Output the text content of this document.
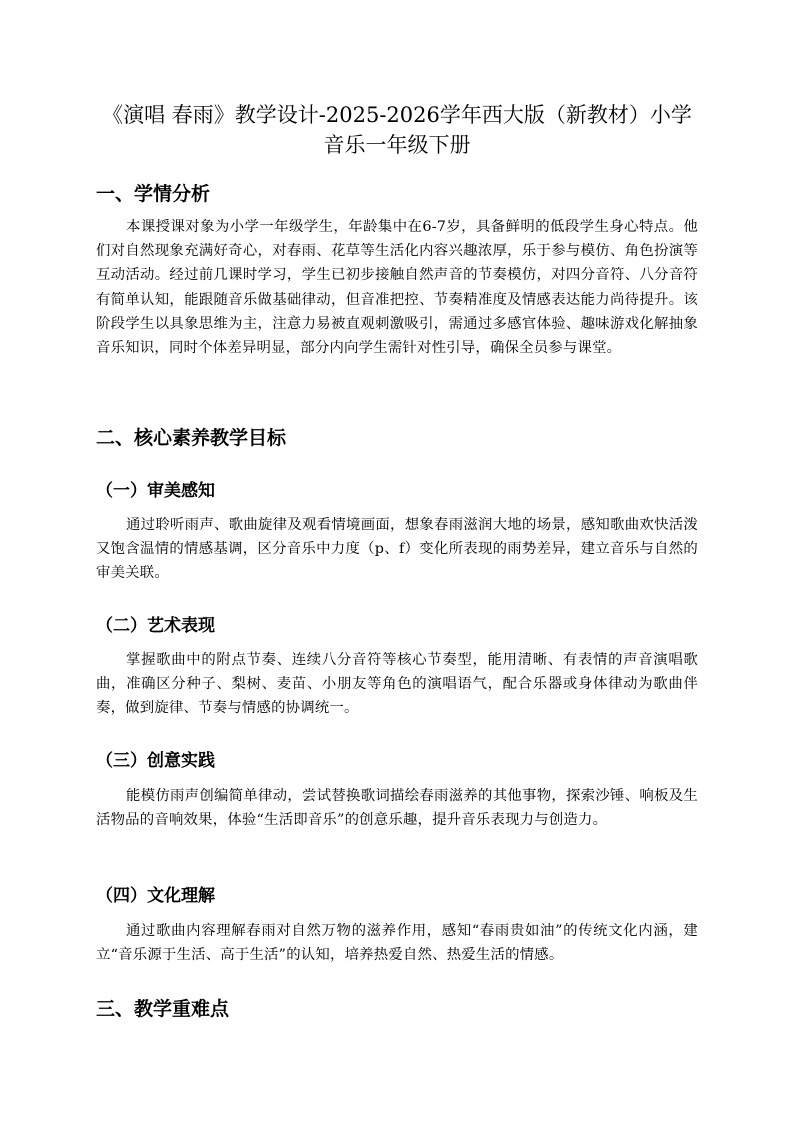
《演唱 春雨》教学设计-2025-2026学年西大版（新教材）小学音乐一年级下册
一、学情分析

本课授课对象为小学一年级学生，年龄集中在6-7岁，具备鲜明的低段学生身心特点。他们对自然现象充满好奇心，对春雨、花草等生活化内容兴趣浓厚，乐于参与模仿、角色扮演等互动活动。经过前几课时学习，学生已初步接触自然声音的节奏模仿，对四分音符、八分音符有简单认知，能跟随音乐做基础律动，但音准把控、节奏精准度及情感表达能力尚待提升。该阶段学生以具象思维为主，注意力易被直观刺激吸引，需通过多感官体验、趣味游戏化解抽象音乐知识，同时个体差异明显，部分内向学生需针对性引导，确保全员参与课堂。

二、核心素养教学目标
（一）审美感知

通过聆听雨声、歌曲旋律及观看情境画面，想象春雨滋润大地的场景，感知歌曲欢快活泼又饱含温情的情感基调，区分音乐中力度（p、f）变化所表现的雨势差异，建立音乐与自然的审美关联。

（二）艺术表现

掌握歌曲中的附点节奏、连续八分音符等核心节奏型，能用清晰、有表情的声音演唱歌曲，准确区分种子、梨树、麦苗、小朋友等角色的演唱语气，配合乐器或身体律动为歌曲伴奏，做到旋律、节奏与情感的协调统一。

（三）创意实践

能模仿雨声创编简单律动，尝试替换歌词描绘春雨滋养的其他事物，探索沙锤、响板及生活物品的音响效果，体验“生活即音乐”的创意乐趣，提升音乐表现力与创造力。

（四）文化理解

通过歌曲内容理解春雨对自然万物的滋养作用，感知“春雨贵如油”的传统文化内涵，建立“音乐源于生活、高于生活”的认知，培养热爱自然、热爱生活的情感。

三、教学重难点
